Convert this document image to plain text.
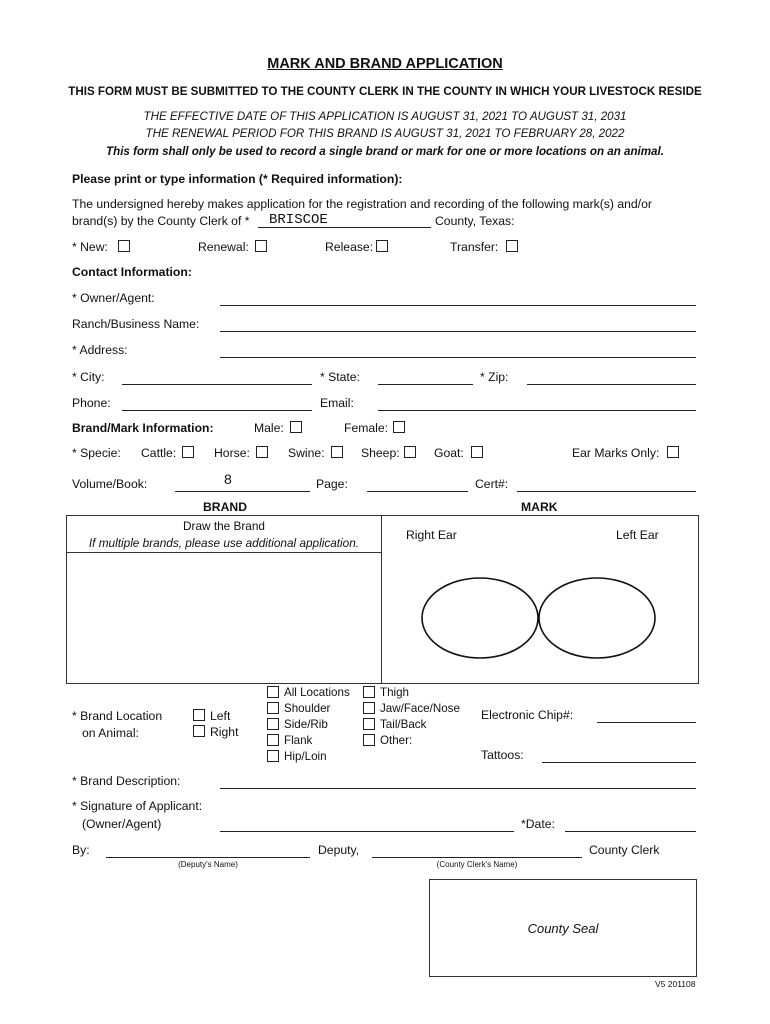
MARK AND BRAND APPLICATION
THIS FORM MUST BE SUBMITTED TO THE COUNTY CLERK IN THE COUNTY IN WHICH YOUR LIVESTOCK RESIDE
THE EFFECTIVE DATE OF THIS APPLICATION IS AUGUST 31, 2021 TO AUGUST 31, 2031
THE RENEWAL PERIOD FOR THIS BRAND IS AUGUST 31, 2021 TO FEBRUARY 28, 2022
This form shall only be used to record a single brand or mark for one or more locations on an animal.
Please print or type information (* Required information):
The undersigned hereby makes application for the registration and recording of the following mark(s) and/or
brand(s) by the County Clerk of * BRISCOE	County, Texas:
* New:	Renewal:	Release:	Transfer:
Contact Information:
* Owner/Agent:
Ranch/Business Name:
* Address:
* City:	* State:	* Zip:
Phone:	Email:
Brand/Mark Information:	Male:	Female:
* Specie: Cattle:	Horse:	Swine:	Sheep:	Goat:	Ear Marks Only:
Volume/Book:	8	Page:	Cert#:
BRAND	MARK
Draw the Brand
If multiple brands, please use additional application.
Right Ear	Left Ear
* Brand Location
on Animal:
Left
Right
All Locations
Shoulder
Side/Rib
Flank
Hip/Loin
Thigh
Jaw/Face/Nose
Tail/Back
Other:
Electronic Chip#:
Tattoos:
* Brand Description:
* Signature of Applicant:
(Owner/Agent)	*Date:
By:	Deputy,	County Clerk
(Deputy's Name)	(County Clerk's Name)
County Seal
V5 201108
